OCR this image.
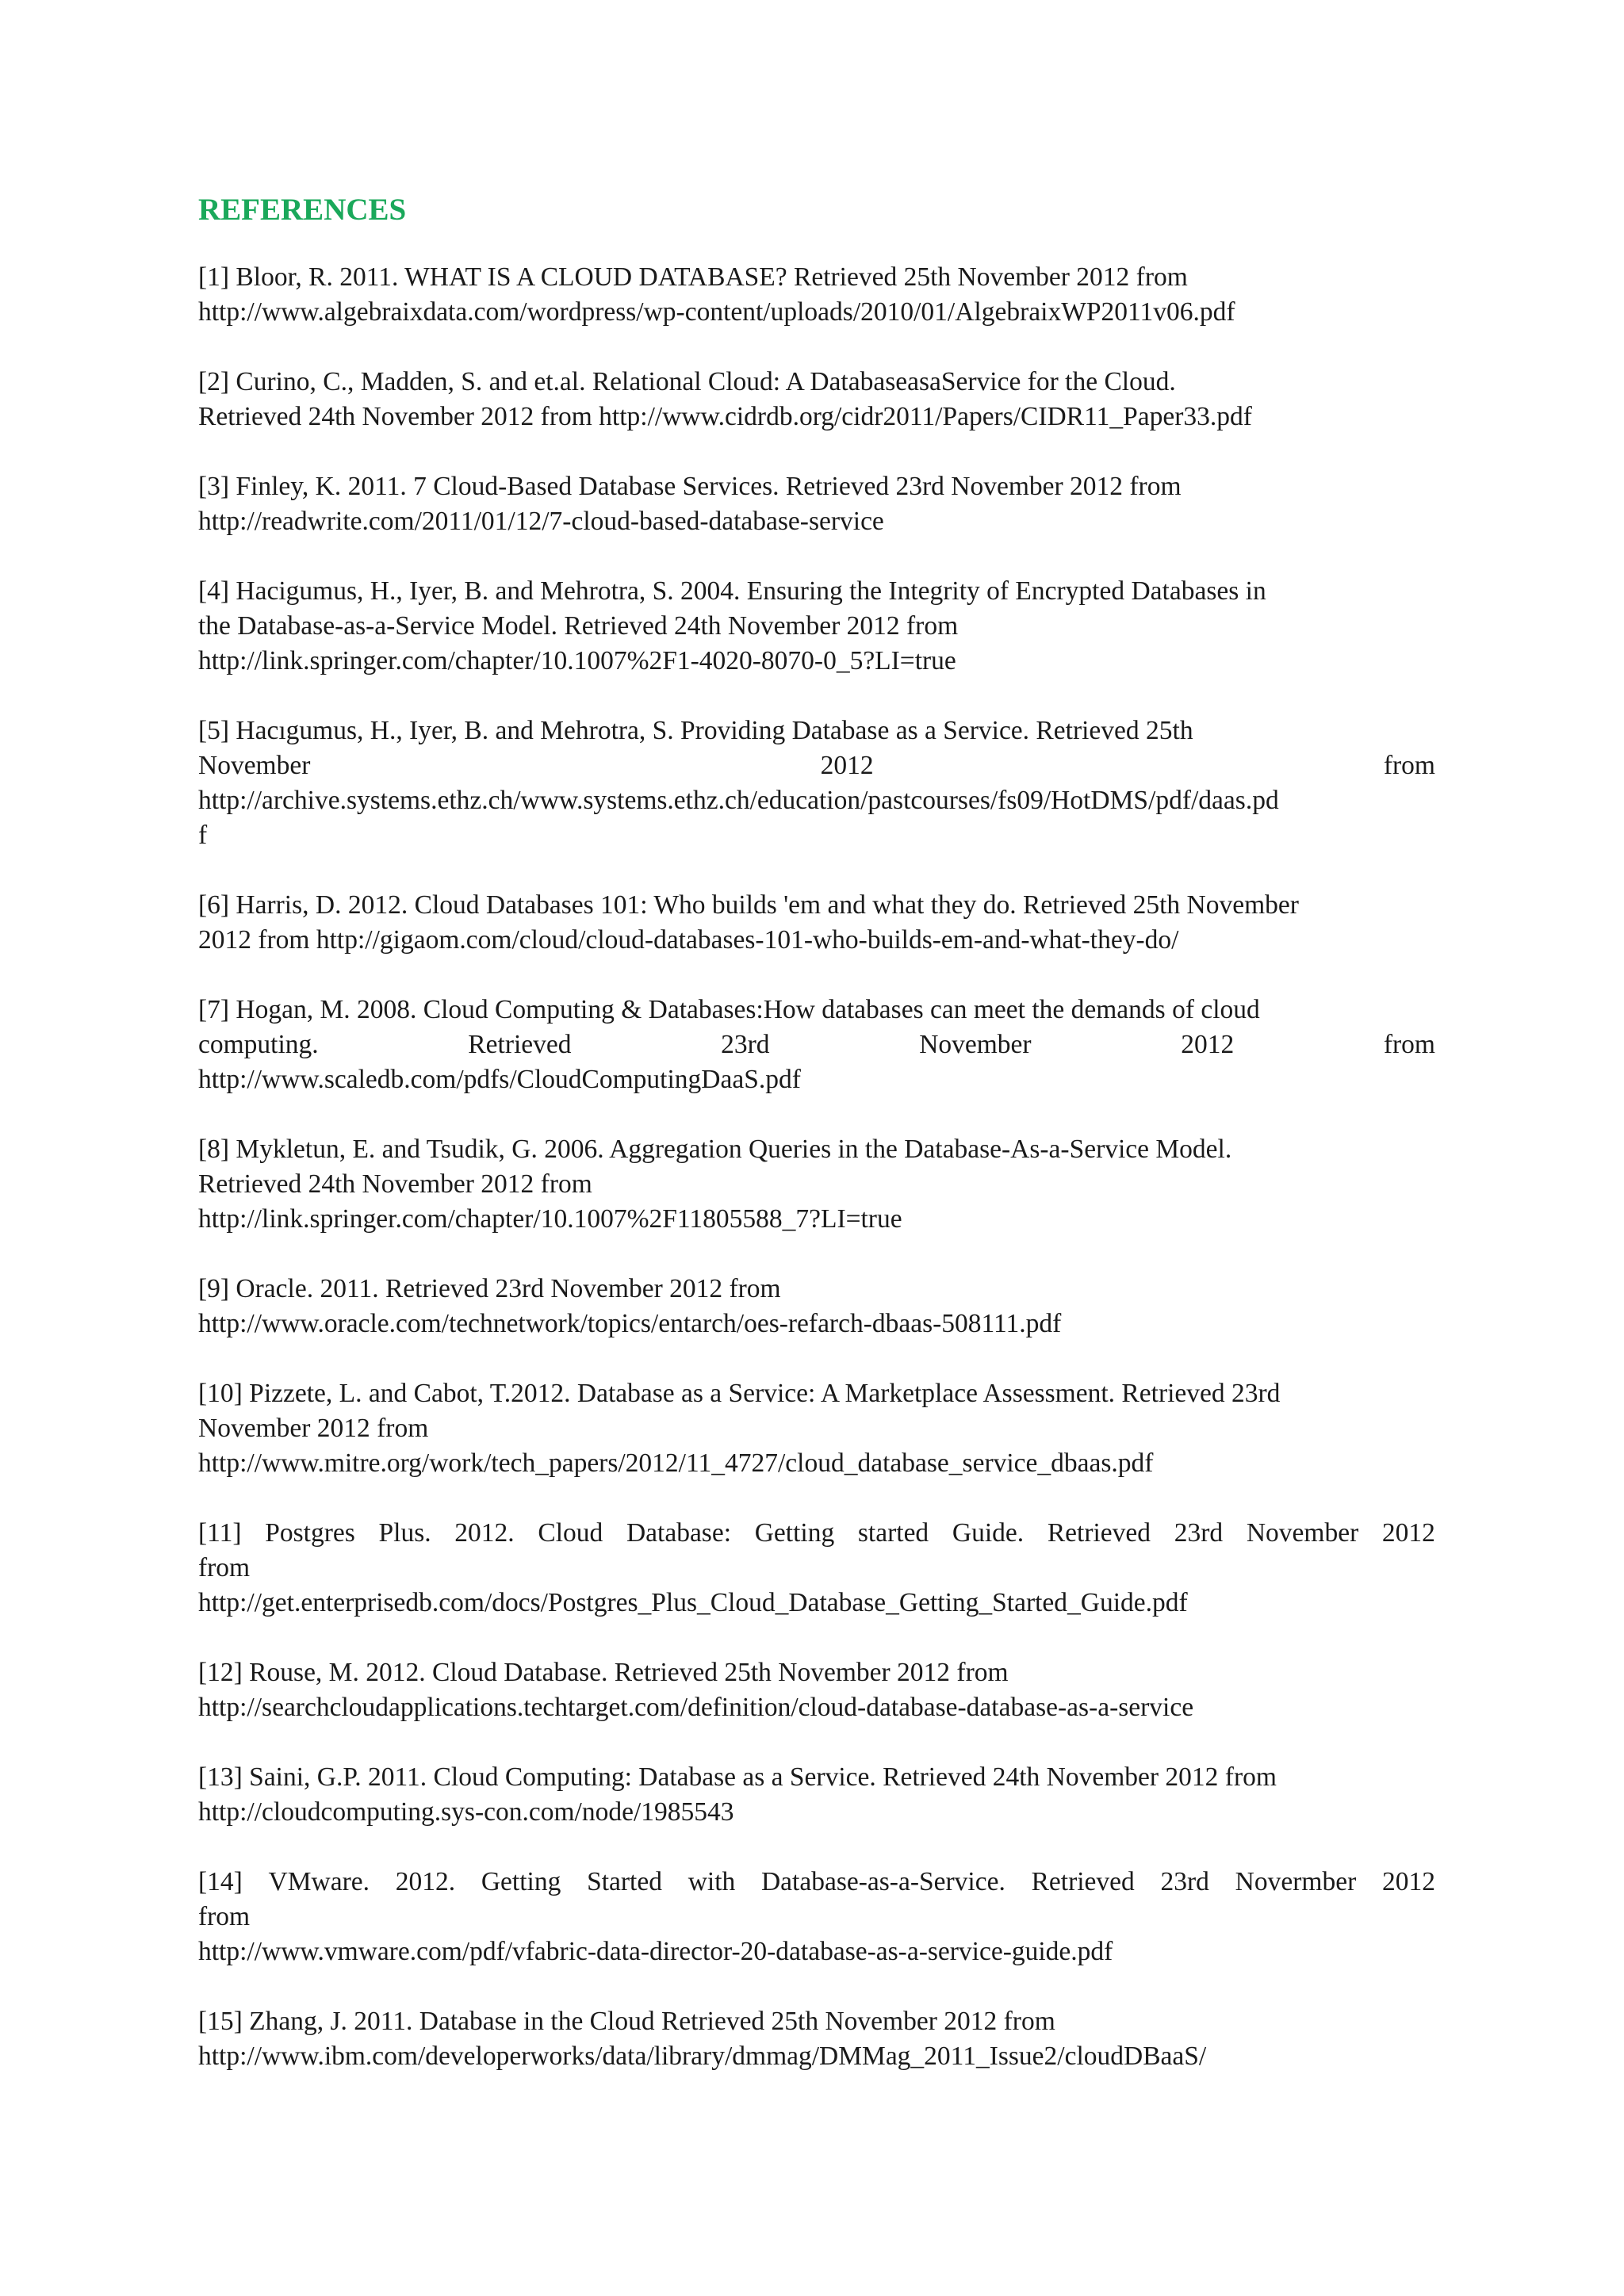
REFERENCES
[1] Bloor, R. 2011. WHAT IS A CLOUD DATABASE? Retrieved 25th November 2012 from
http://www.algebraixdata.com/wordpress/wp-content/uploads/2010/01/AlgebraixWP2011v06.pdf
[2] Curino, C., Madden, S. and et.al. Relational Cloud: A DatabaseasaService for the Cloud.
Retrieved 24th November 2012 from http://www.cidrdb.org/cidr2011/Papers/CIDR11_Paper33.pdf
[3] Finley, K. 2011. 7 Cloud-Based Database Services. Retrieved 23rd November 2012 from
http://readwrite.com/2011/01/12/7-cloud-based-database-service
[4] Hacigumus, H., Iyer, B. and Mehrotra, S. 2004. Ensuring the Integrity of Encrypted Databases in
the Database-as-a-Service Model. Retrieved 24th November 2012 from
http://link.springer.com/chapter/10.1007%2F1-4020-8070-0_5?LI=true
[5] Hacıgumus, H., Iyer, B. and Mehrotra, S. Providing Database as a Service. Retrieved 25th
November	2012	from
http://archive.systems.ethz.ch/www.systems.ethz.ch/education/pastcourses/fs09/HotDMS/pdf/daas.pd
f
[6] Harris, D. 2012. Cloud Databases 101: Who builds 'em and what they do. Retrieved 25th November
2012 from http://gigaom.com/cloud/cloud-databases-101-who-builds-em-and-what-they-do/
[7] Hogan, M. 2008. Cloud Computing & Databases:How databases can meet the demands of cloud
computing.	Retrieved	23rd	November	2012	from
http://www.scaledb.com/pdfs/CloudComputingDaaS.pdf
[8] Mykletun, E. and Tsudik, G. 2006. Aggregation Queries in the Database-As-a-Service Model.
Retrieved 24th November 2012 from
http://link.springer.com/chapter/10.1007%2F11805588_7?LI=true
[9] Oracle. 2011. Retrieved 23rd November 2012 from
http://www.oracle.com/technetwork/topics/entarch/oes-refarch-dbaas-508111.pdf
[10] Pizzete, L. and Cabot, T.2012. Database as a Service: A Marketplace Assessment. Retrieved 23rd
November 2012 from
http://www.mitre.org/work/tech_papers/2012/11_4727/cloud_database_service_dbaas.pdf
[11] Postgres Plus. 2012. Cloud Database: Getting started Guide. Retrieved 23rd November 2012
from
http://get.enterprisedb.com/docs/Postgres_Plus_Cloud_Database_Getting_Started_Guide.pdf
[12] Rouse, M. 2012. Cloud Database. Retrieved 25th November 2012 from
http://searchcloudapplications.techtarget.com/definition/cloud-database-database-as-a-service
[13] Saini, G.P. 2011. Cloud Computing: Database as a Service. Retrieved 24th November 2012 from
http://cloudcomputing.sys-con.com/node/1985543
[14] VMware. 2012. Getting Started with Database-as-a-Service. Retrieved 23rd Novermber 2012
from
http://www.vmware.com/pdf/vfabric-data-director-20-database-as-a-service-guide.pdf
[15] Zhang, J. 2011. Database in the Cloud Retrieved 25th November 2012 from
http://www.ibm.com/developerworks/data/library/dmmag/DMMag_2011_Issue2/cloudDBaaS/
